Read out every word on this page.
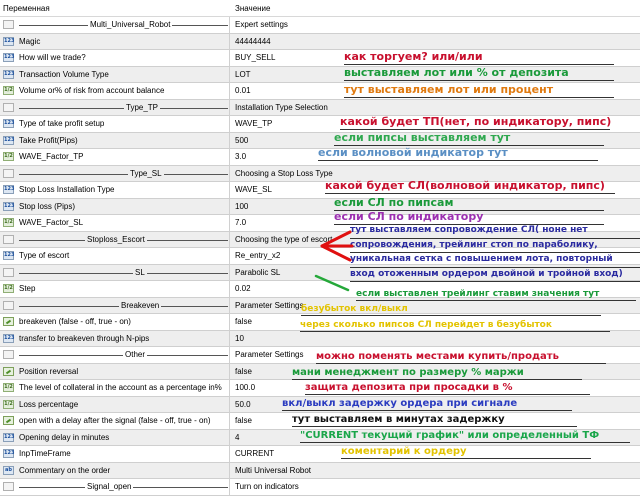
Переменная	Значение
Multi_Universal_Robot	Expert settings
123 Magic	44444444
123 How will we trade?	BUY_SELL
123 Transaction Volume Type	LOT
1/2 Volume or% of risk from account balance	0.01
Type_TP	Installation Type Selection
123 Type of take profit setup	WAVE_TP
123 Take Profit(Pips)	500
1/2 WAVE_Factor_TP	3.0
Type_SL	Choosing a Stop Loss Type
123 Stop Loss Installation Type	WAVE_SL
123 Stop loss (Pips)	100
1/2 WAVE_Factor_SL	7.0
Stoploss_Escort	Choosing the type of escort
123 Type of escort	Re_entry_x2
SL	Parabolic SL
1/2 Step	0.02
Breakeven	Parameter Settings
breakeven (false - off, true - on)	false
123 transfer to breakeven through N-pips	10
Other	Parameter Settings
Position reversal	false
1/2 The level of collateral in the account as a percentage in% 100.0
1/2 Loss percentage	50.0
open with a delay after the signal (false - off, true - on)	false
123 Opening delay in minutes	4
123 InpTimeFrame	CURRENT
ab Commentary on the order	Multi Universal Robot
Signal_open	Turn on indicators
как торгуем? или/или
выставляем лот или % от депозита
тут выставляем лот или процент
какой будет ТП(нет, по индикатору, пипс)
если пипсы выставляем тут
если волновой индикатор тут
какой будет СЛ(волновой индикатор, пипс)
если СЛ по пипсам
если СЛ по индикатору
тут выставляем сопровождение СЛ( ноне нет
сопровождения, трейлинг стоп по параболику,
уникальная сетка с повышением лота, повторный
вход отоженным ордером двойной и тройной вход)
если выставлен трейлинг ставим значения тут
безубыток вкл/выкл
через сколько пипсов СЛ перейдет в безубыток
можно поменять местами купить/продать
мани менеджмент по размеру % маржи
защита депозита при просадки в %
вкл/выкл задержку ордера при сигнале
тут выставляем в минутах задержку
"CURRENT текущий график" или определенный ТФ
коментарий к ордеру
